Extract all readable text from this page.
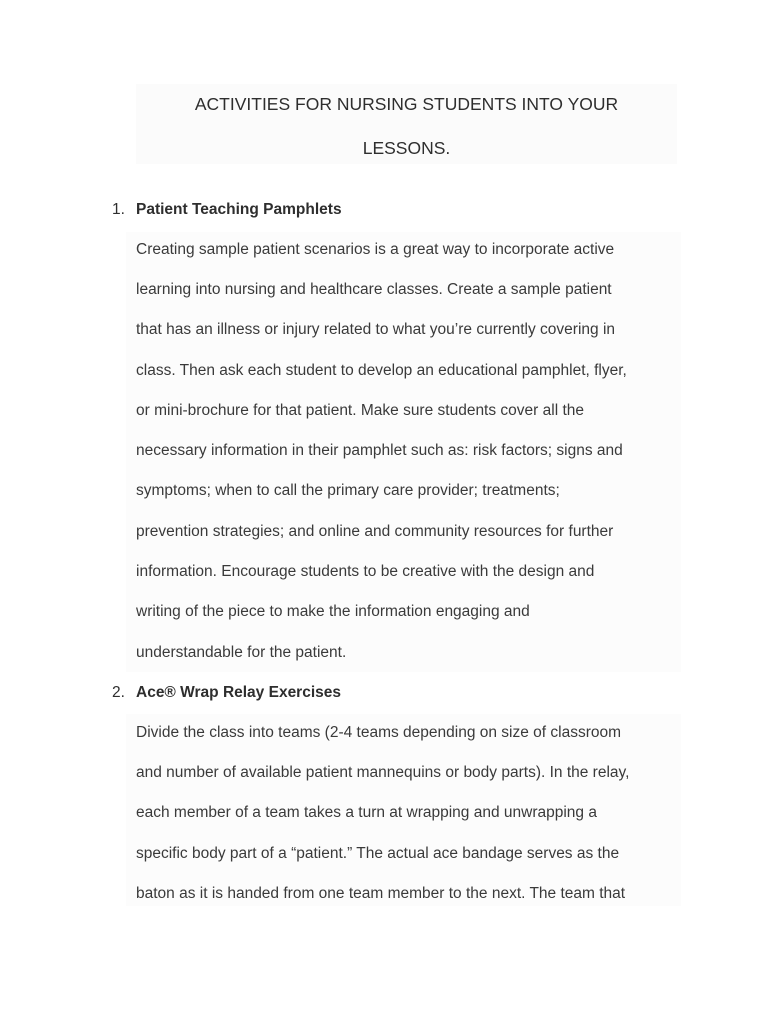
ACTIVITIES FOR NURSING STUDENTS INTO YOUR
LESSONS.
1. Patient Teaching Pamphlets
Creating sample patient scenarios is a great way to incorporate active
learning into nursing and healthcare classes. Create a sample patient
that has an illness or injury related to what you’re currently covering in
class. Then ask each student to develop an educational pamphlet, flyer,
or mini-brochure for that patient. Make sure students cover all the
necessary information in their pamphlet such as: risk factors; signs and
symptoms; when to call the primary care provider; treatments;
prevention strategies; and online and community resources for further
information. Encourage students to be creative with the design and
writing of the piece to make the information engaging and
understandable for the patient.
2. Ace® Wrap Relay Exercises
Divide the class into teams (2-4 teams depending on size of classroom
and number of available patient mannequins or body parts). In the relay,
each member of a team takes a turn at wrapping and unwrapping a
specific body part of a “patient.” The actual ace bandage serves as the
baton as it is handed from one team member to the next. The team that
